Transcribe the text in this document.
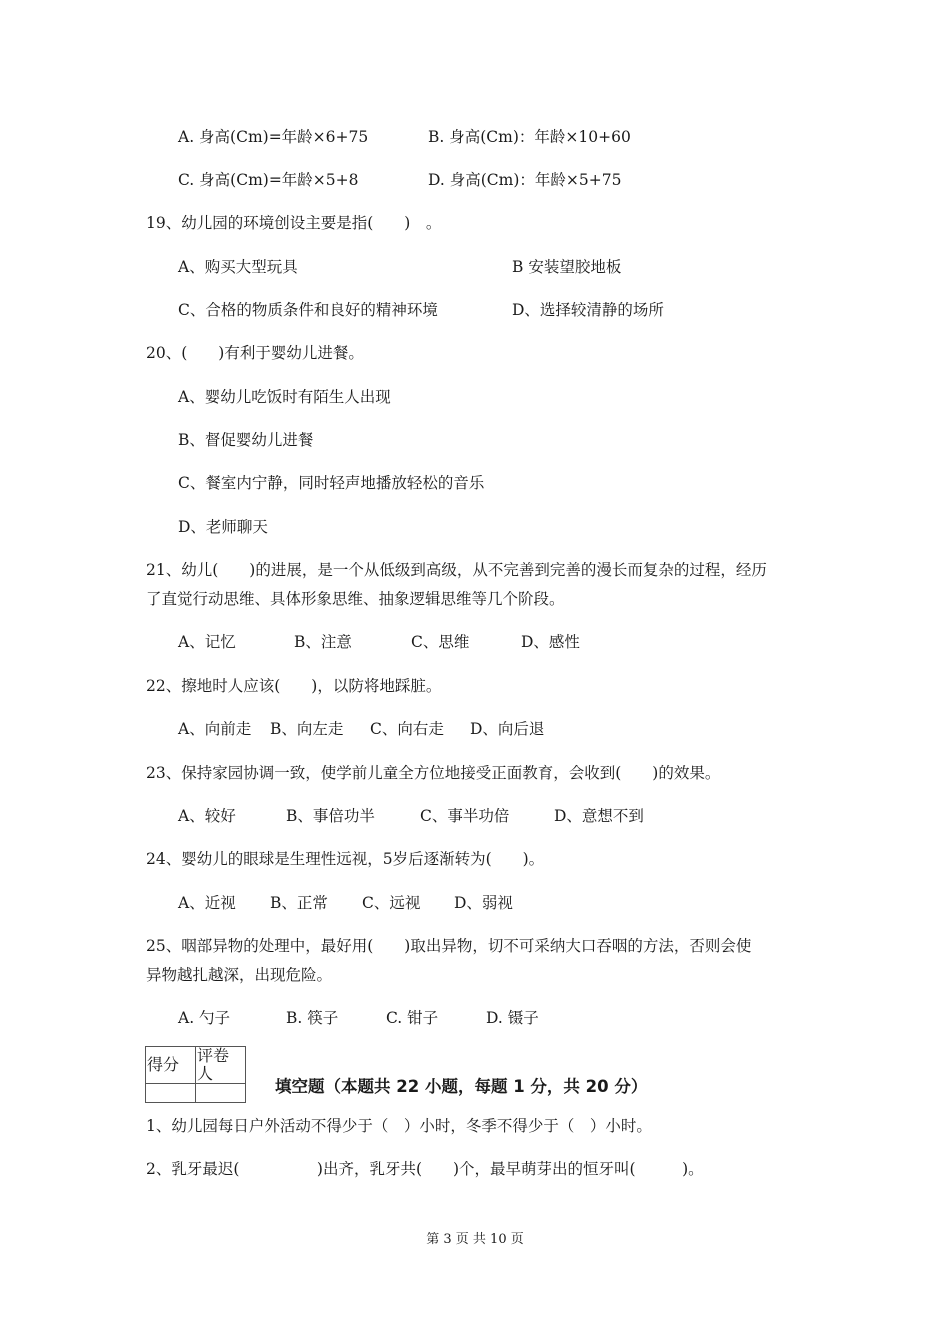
A. 身高(Cm)=年龄×6+75	B. 身高(Cm)：年龄×10+60
C. 身高(Cm)=年龄×5+8	D. 身高(Cm)：年龄×5+75
19、幼儿园的环境创设主要是指(　　)　。
A、购买大型玩具	B 安装望胶地板
C、合格的物质条件和良好的精神环境	D、选择较清静的场所
20、(　　)有利于婴幼儿进餐。
A、婴幼儿吃饭时有陌生人出现
B、督促婴幼儿进餐
C、餐室内宁静，同时轻声地播放轻松的音乐
D、老师聊天
21、幼儿(　　)的进展，是一个从低级到高级，从不完善到完善的漫长而复杂的过程，经历
了直觉行动思维、具体形象思维、抽象逻辑思维等几个阶段。
A、记忆	B、注意	C、思维	D、感性
22、擦地时人应该(　　)，以防将地踩脏。
A、向前走 B、向左走 C、向右走 D、向后退
23、保持家园协调一致，使学前儿童全方位地接受正面教育，会收到(　　)的效果。
A、较好	B、事倍功半	C、事半功倍	D、意想不到
24、婴幼儿的眼球是生理性远视，5岁后逐渐转为(　　)。
A、近视 B、正常 C、远视 D、弱视
25、咽部异物的处理中，最好用(　　)取出异物，切不可采纳大口吞咽的方法，否则会使
异物越扎越深，出现危险。
A. 勺子	B. 筷子	C. 钳子	D. 镊子
得分	评卷人

填空题（本题共 22 小题，每题 1 分，共 20 分）
1、幼儿园每日户外活动不得少于（　）小时，冬季不得少于（　）小时。
2、乳牙最迟(　　　　　)出齐，乳牙共(　　)个，最早萌芽出的恒牙叫(　　　)。
第 3 页 共 10 页
